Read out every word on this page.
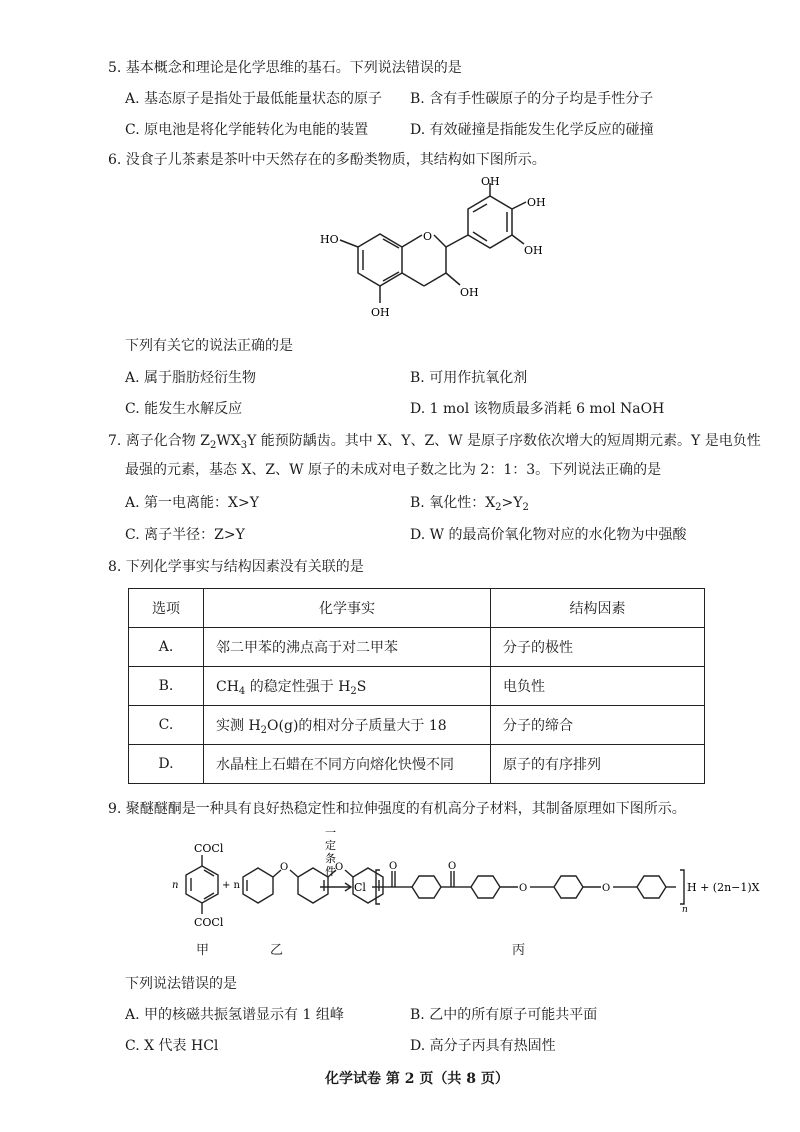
5. 基本概念和理论是化学思维的基石。下列说法错误的是
A. 基态原子是指处于最低能量状态的原子 B. 含有手性碳原子的分子均是手性分子
C. 原电池是将化学能转化为电能的装置	D. 有效碰撞是指能发生化学反应的碰撞
6. 没食子儿茶素是茶叶中天然存在的多酚类物质，其结构如下图所示。
O
OH
OH
OH
HO
OH
OH
下列有关它的说法正确的是
A. 属于脂肪烃衍生物	B. 可用作抗氧化剂
C. 能发生水解反应	D. 1 mol 该物质最多消耗 6 mol NaOH
7. 离子化合物 $Z_2WX_3Y$ 能预防龋齿。其中 X、Y、Z、W 是原子序数依次增大的短周期元素。Y 是电负性
最强的元素，基态 X、Z、W 原子的未成对电子数之比为 2：1：3。下列说法正确的是
A. 第一电离能：X>Y	B. 氧化性：$X_2>Y_2$
C. 离子半径：Z>Y	D. W 的最高价氧化物对应的水化物为中强酸
8. 下列化学事实与结构因素没有关联的是
选项	化学事实	结构因素
A.	邻二甲苯的沸点高于对二甲苯	分子的极性
B.	$CH_4$ 的稳定性强于 $H_2S$	电负性
C.	实测 $H_2O(g)$的相对分子质量大于 18	分子的缔合
D.	水晶柱上石蜡在不同方向熔化快慢不同	原子的有序排列
9. 聚醚醚酮是一种具有良好热稳定性和拉伸强度的有机高分子材料，其制备原理如下图所示。
COCl
COCl
n	+ n
O	O
一
定
条
件
Cl
O	O
O	O
n
H + (2n−1)X
甲	乙	丙
下列说法错误的是
A. 甲的核磁共振氢谱显示有 1 组峰	B. 乙中的所有原子可能共平面
C. X 代表 HCl	D. 高分子丙具有热固性
化学试卷 第 2 页（共 8 页）
